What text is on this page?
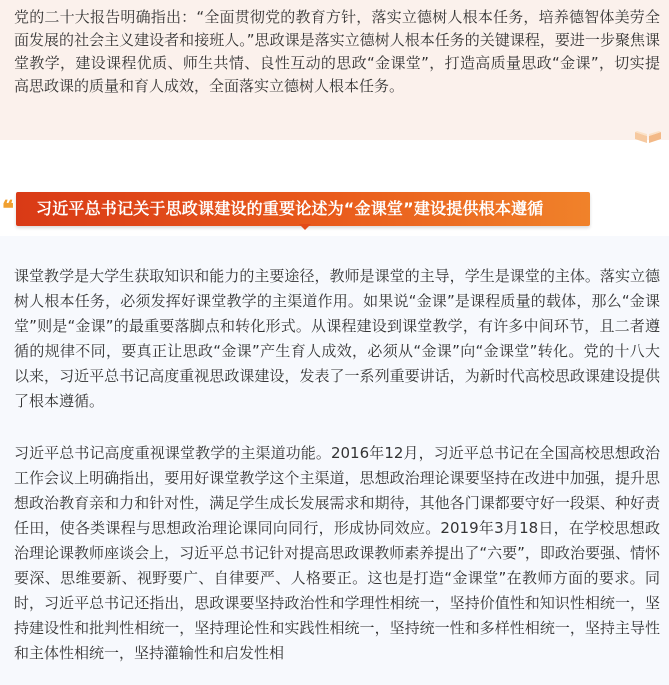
党的二十大报告明确指出：“全面贯彻党的教育方针，落实立德树人根本任务，培养德智体美劳全面发展的社会主义建设者和接班人。”思政课是落实立德树人根本任务的关键课程，要进一步聚焦课堂教学，建设课程优质、师生共情、良性互动的思政“金课堂”，打造高质量思政“金课”，切实提高思政课的质量和育人成效，全面落实立德树人根本任务。

❝ 习近平总书记关于思政课建设的重要论述为“金课堂”建设提供根本遵循

课堂教学是大学生获取知识和能力的主要途径，教师是课堂的主导，学生是课堂的主体。落实立德树人根本任务，必须发挥好课堂教学的主渠道作用。如果说“金课”是课程质量的载体，那么“金课堂”则是“金课”的最重要落脚点和转化形式。从课程建设到课堂教学，有许多中间环节，且二者遵循的规律不同，要真正让思政“金课”产生育人成效，必须从“金课”向“金课堂”转化。党的十八大以来，习近平总书记高度重视思政课建设，发表了一系列重要讲话，为新时代高校思政课建设提供了根本遵循。

习近平总书记高度重视课堂教学的主渠道功能。2016年12月，习近平总书记在全国高校思想政治工作会议上明确指出，要用好课堂教学这个主渠道，思想政治理论课要坚持在改进中加强，提升思想政治教育亲和力和针对性，满足学生成长发展需求和期待，其他各门课都要守好一段渠、种好责任田，使各类课程与思想政治理论课同向同行，形成协同效应。2019年3月18日，在学校思想政治理论课教师座谈会上，习近平总书记针对提高思政课教师素养提出了“六要”，即政治要强、情怀要深、思维要新、视野要广、自律要严、人格要正。这也是打造“金课堂”在教师方面的要求。同时，习近平总书记还指出，思政课要坚持政治性和学理性相统一，坚持价值性和知识性相统一，坚持建设性和批判性相统一，坚持理论性和实践性相统一，坚持统一性和多样性相统一，坚持主导性和主体性相统一，坚持灌输性和启发性相
